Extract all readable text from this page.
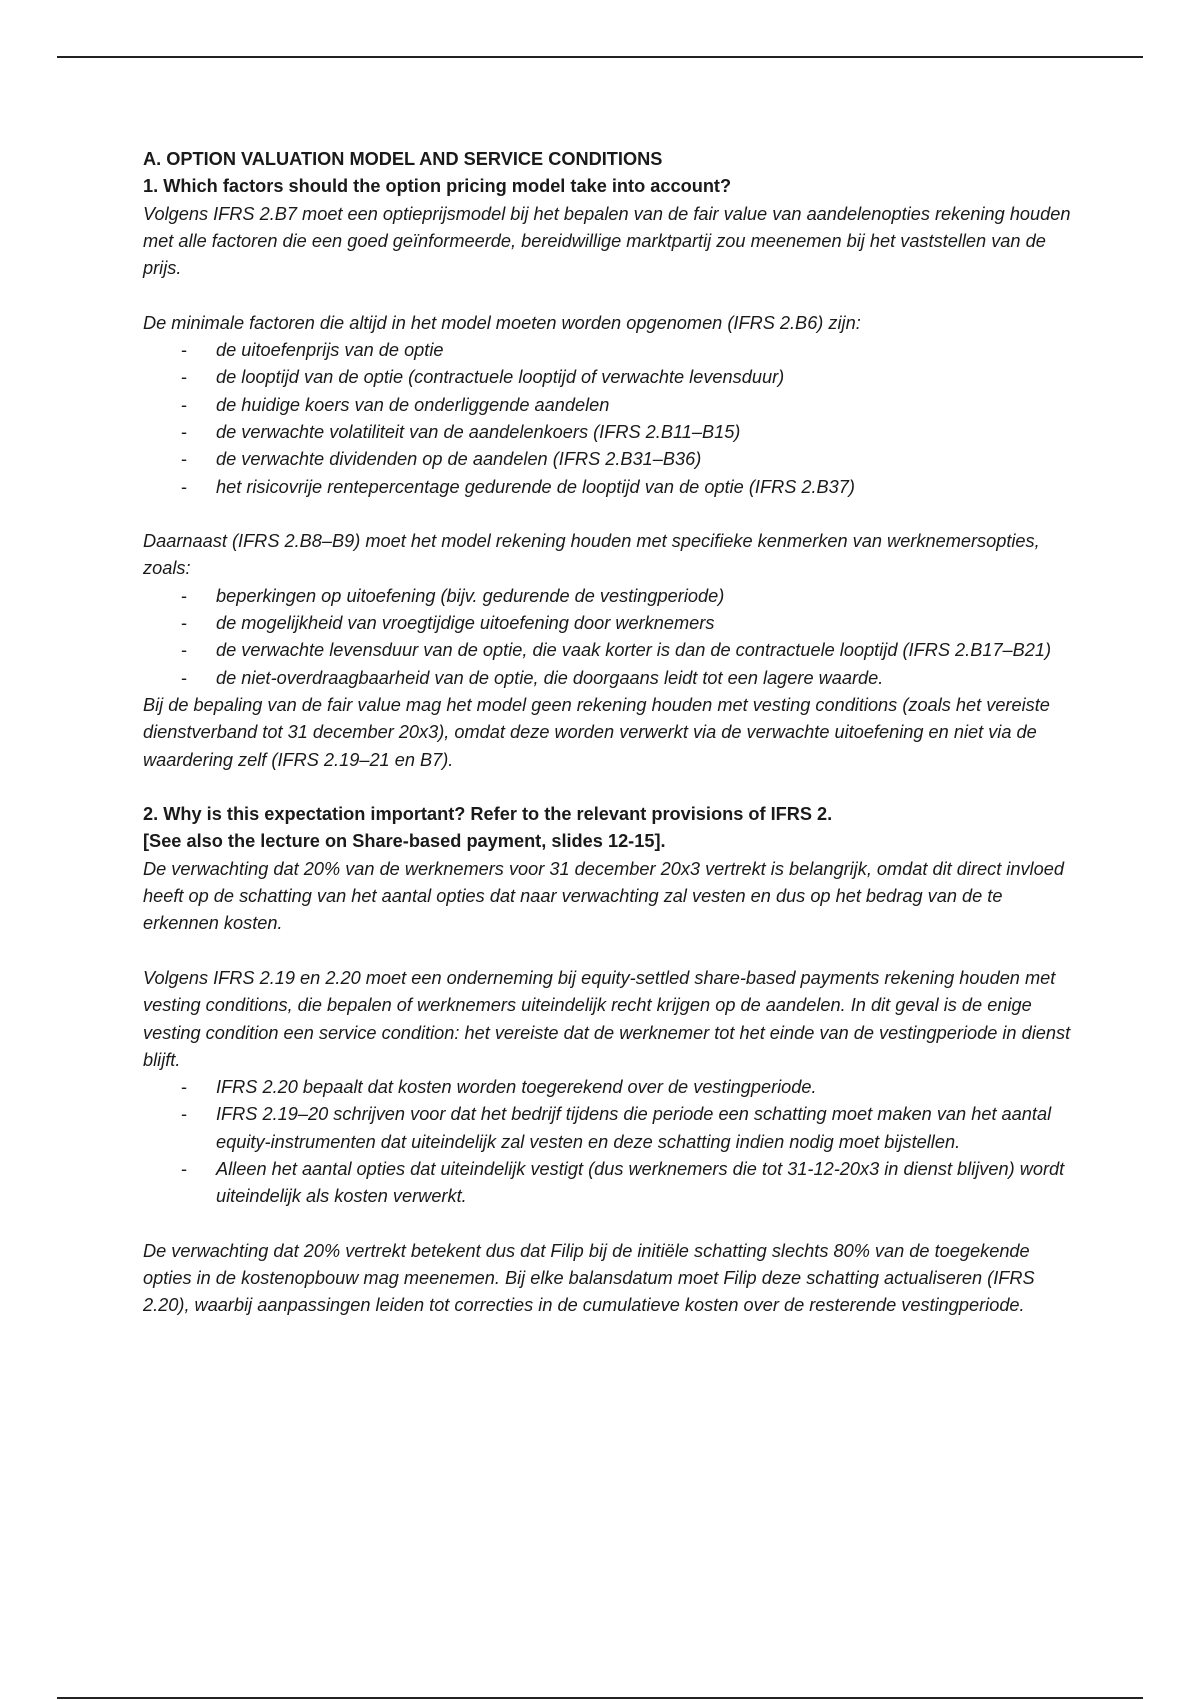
A. OPTION VALUATION MODEL AND SERVICE CONDITIONS

1. Which factors should the option pricing model take into account?

Volgens IFRS 2.B7 moet een optieprijsmodel bij het bepalen van de fair value van aandelenopties rekening houden met alle factoren die een goed geïnformeerde, bereidwillige marktpartij zou meenemen bij het vaststellen van de prijs.

De minimale factoren die altijd in het model moeten worden opgenomen (IFRS 2.B6) zijn:

- de uitoefenprijs van de optie
- de looptijd van de optie (contractuele looptijd of verwachte levensduur)
- de huidige koers van de onderliggende aandelen
- de verwachte volatiliteit van de aandelenkoers (IFRS 2.B11–B15)
- de verwachte dividenden op de aandelen (IFRS 2.B31–B36)
- het risicovrije rentepercentage gedurende de looptijd van de optie (IFRS 2.B37)

Daarnaast (IFRS 2.B8–B9) moet het model rekening houden met specifieke kenmerken van werknemersopties, zoals:

- beperkingen op uitoefening (bijv. gedurende de vestingperiode)
- de mogelijkheid van vroegtijdige uitoefening door werknemers
- de verwachte levensduur van de optie, die vaak korter is dan de contractuele looptijd (IFRS 2.B17–B21)
- de niet-overdraagbaarheid van de optie, die doorgaans leidt tot een lagere waarde.

Bij de bepaling van de fair value mag het model geen rekening houden met vesting conditions (zoals het vereiste dienstverband tot 31 december 20x3), omdat deze worden verwerkt via de verwachte uitoefening en niet via de waardering zelf (IFRS 2.19–21 en B7).

2. Why is this expectation important? Refer to the relevant provisions of IFRS 2.

[See also the lecture on Share-based payment, slides 12-15].

De verwachting dat 20% van de werknemers voor 31 december 20x3 vertrekt is belangrijk, omdat dit direct invloed heeft op de schatting van het aantal opties dat naar verwachting zal vesten en dus op het bedrag van de te erkennen kosten.

Volgens IFRS 2.19 en 2.20 moet een onderneming bij equity-settled share-based payments rekening houden met vesting conditions, die bepalen of werknemers uiteindelijk recht krijgen op de aandelen. In dit geval is de enige vesting condition een service condition: het vereiste dat de werknemer tot het einde van de vestingperiode in dienst blijft.

- IFRS 2.20 bepaalt dat kosten worden toegerekend over de vestingperiode.
- IFRS 2.19–20 schrijven voor dat het bedrijf tijdens die periode een schatting moet maken van het aantal equity-instrumenten dat uiteindelijk zal vesten en deze schatting indien nodig moet bijstellen.
- Alleen het aantal opties dat uiteindelijk vestigt (dus werknemers die tot 31-12-20x3 in dienst blijven) wordt uiteindelijk als kosten verwerkt.

De verwachting dat 20% vertrekt betekent dus dat Filip bij de initiële schatting slechts 80% van de toegekende opties in de kostenopbouw mag meenemen. Bij elke balansdatum moet Filip deze schatting actualiseren (IFRS 2.20), waarbij aanpassingen leiden tot correcties in de cumulatieve kosten over de resterende vestingperiode.
